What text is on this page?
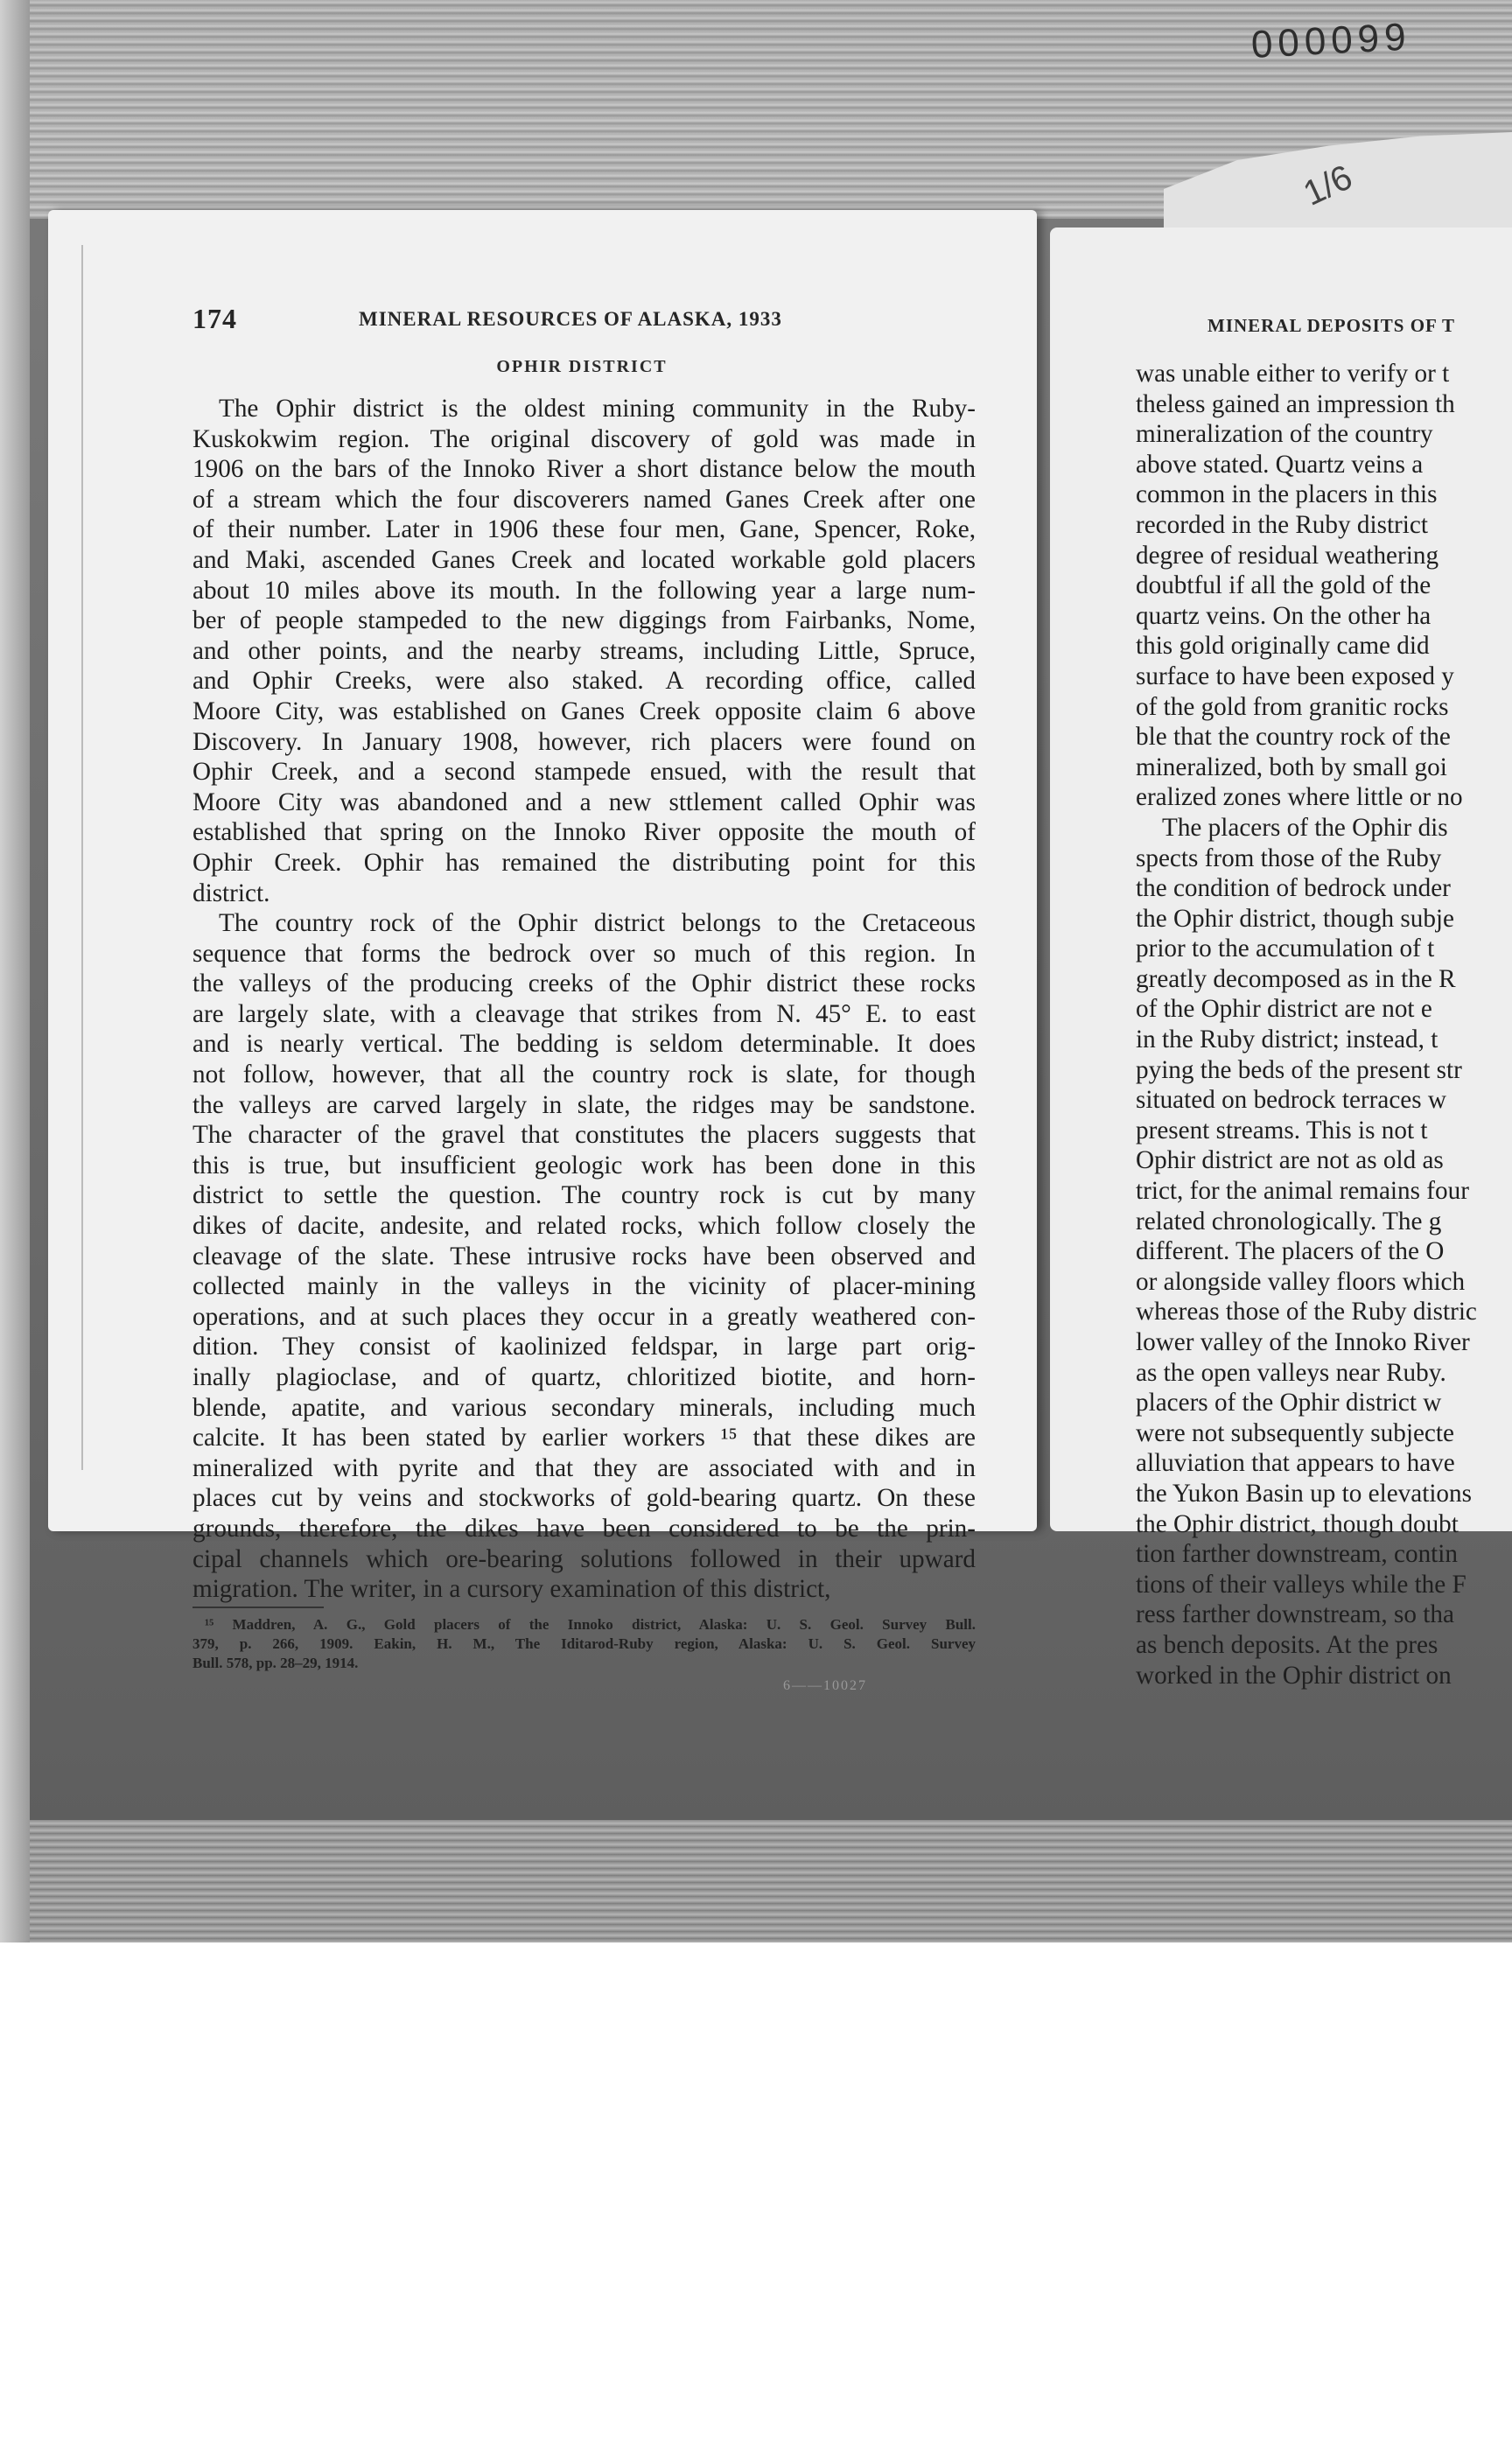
000099
1/6
174	MINERAL RESOURCES OF ALASKA, 1933
OPHIR DISTRICT
The Ophir district is the oldest mining community in the Ruby-
Kuskokwim region. The original discovery of gold was made in
1906 on the bars of the Innoko River a short distance below the mouth
of a stream which the four discoverers named Ganes Creek after one
of their number. Later in 1906 these four men, Gane, Spencer, Roke,
and Maki, ascended Ganes Creek and located workable gold placers
about 10 miles above its mouth. In the following year a large num-
ber of people stampeded to the new diggings from Fairbanks, Nome,
and other points, and the nearby streams, including Little, Spruce,
and Ophir Creeks, were also staked. A recording office, called
Moore City, was established on Ganes Creek opposite claim 6 above
Discovery. In January 1908, however, rich placers were found on
Ophir Creek, and a second stampede ensued, with the result that
Moore City was abandoned and a new sttlement called Ophir was
established that spring on the Innoko River opposite the mouth of
Ophir Creek. Ophir has remained the distributing point for this
district.
The country rock of the Ophir district belongs to the Cretaceous
sequence that forms the bedrock over so much of this region. In
the valleys of the producing creeks of the Ophir district these rocks
are largely slate, with a cleavage that strikes from N. 45° E. to east
and is nearly vertical. The bedding is seldom determinable. It does
not follow, however, that all the country rock is slate, for though
the valleys are carved largely in slate, the ridges may be sandstone.
The character of the gravel that constitutes the placers suggests that
this is true, but insufficient geologic work has been done in this
district to settle the question. The country rock is cut by many
dikes of dacite, andesite, and related rocks, which follow closely the
cleavage of the slate. These intrusive rocks have been observed and
collected mainly in the valleys in the vicinity of placer-mining
operations, and at such places they occur in a greatly weathered con-
dition. They consist of kaolinized feldspar, in large part orig-
inally plagioclase, and of quartz, chloritized biotite, and horn-
blende, apatite, and various secondary minerals, including much
calcite. It has been stated by earlier workers ¹⁵ that these dikes are
mineralized with pyrite and that they are associated with and in
places cut by veins and stockworks of gold-bearing quartz. On these
grounds, therefore, the dikes have been considered to be the prin-
cipal channels which ore-bearing solutions followed in their upward
migration. The writer, in a cursory examination of this district,
¹⁵ Maddren, A. G., Gold placers of the Innoko district, Alaska: U. S. Geol. Survey Bull.
379, p. 266, 1909. Eakin, H. M., The Iditarod-Ruby region, Alaska: U. S. Geol. Survey
Bull. 578, pp. 28–29, 1914.
6——10027
MINERAL DEPOSITS OF T
was unable either to verify or t
theless gained an impression th
mineralization of the country
above stated. Quartz veins a
common in the placers in this
recorded in the Ruby district
degree of residual weathering
doubtful if all the gold of the
quartz veins. On the other ha
this gold originally came did
surface to have been exposed y
of the gold from granitic rocks
ble that the country rock of the
mineralized, both by small goi
eralized zones where little or no
The placers of the Ophir dis
spects from those of the Ruby
the condition of bedrock under
the Ophir district, though subje
prior to the accumulation of t
greatly decomposed as in the R
of the Ophir district are not e
in the Ruby district; instead, t
pying the beds of the present str
situated on bedrock terraces w
present streams. This is not t
Ophir district are not as old as
trict, for the animal remains four
related chronologically. The g
different. The placers of the O
or alongside valley floors which
whereas those of the Ruby distric
lower valley of the Innoko River
as the open valleys near Ruby.
placers of the Ophir district w
were not subsequently subjecte
alluviation that appears to have
the Yukon Basin up to elevations
the Ophir district, though doubt
tion farther downstream, contin
tions of their valleys while the F
ress farther downstream, so tha
as bench deposits. At the pres
worked in the Ophir district on
